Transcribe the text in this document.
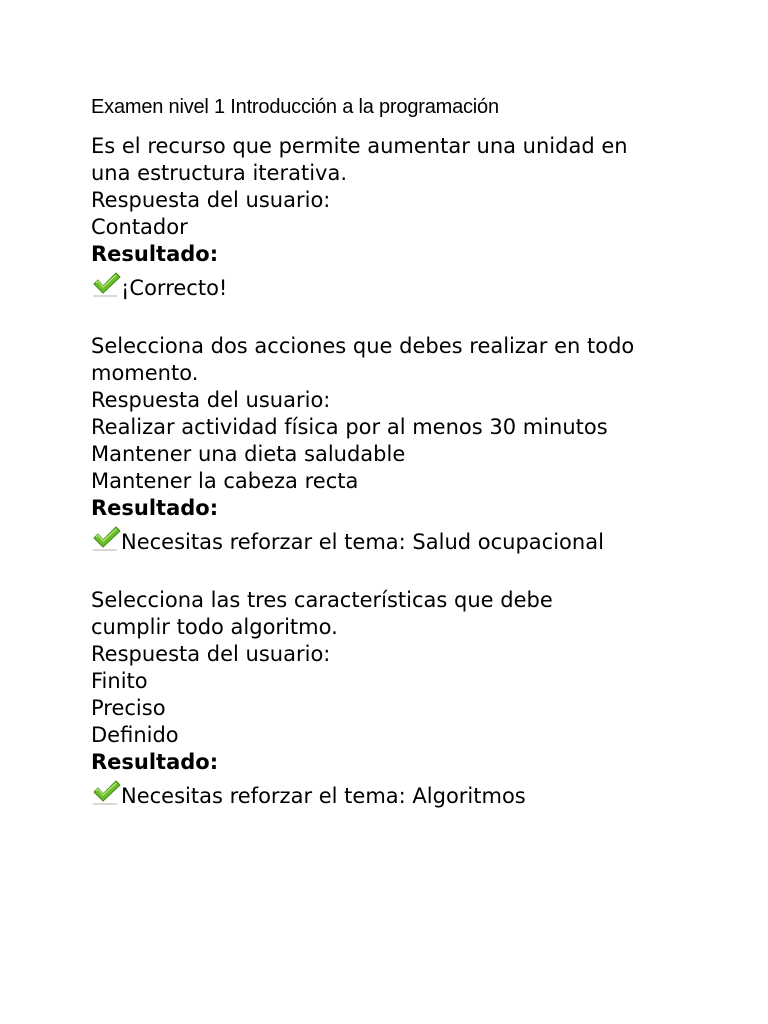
Examen nivel 1 Introducción a la programación
Es el recurso que permite aumentar una unidad en
una estructura iterativa.
Respuesta del usuario:
Contador
Resultado:
¡Correcto!
Selecciona dos acciones que debes realizar en todo
momento.
Respuesta del usuario:
Realizar actividad física por al menos 30 minutos
Mantener una dieta saludable
Mantener la cabeza recta
Resultado:
Necesitas reforzar el tema: Salud ocupacional
Selecciona las tres características que debe
cumplir todo algoritmo.
Respuesta del usuario:
Finito
Preciso
Definido
Resultado:
Necesitas reforzar el tema: Algoritmos
